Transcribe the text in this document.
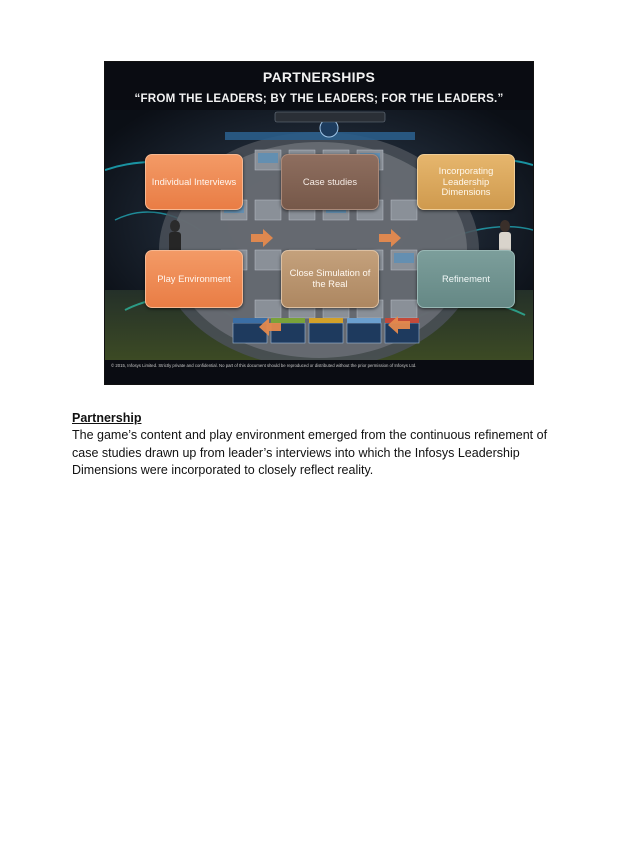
PARTNERSHIPS
“FROM THE LEADERS; BY THE LEADERS; FOR THE LEADERS.”
Individual Interviews	Case studies
Incorporating Leadership Dimensions
Play Environment	Close Simulation of the Real	Refinement
© 2015, Infosys Limited. Strictly private and confidential. No part of this document should be reproduced or distributed without the prior permission of Infosys Ltd.

Partnership

The game’s content and play environment emerged from the continuous refinement of case studies drawn up from leader’s interviews into which the Infosys Leadership Dimensions were incorporated to closely reflect reality.
